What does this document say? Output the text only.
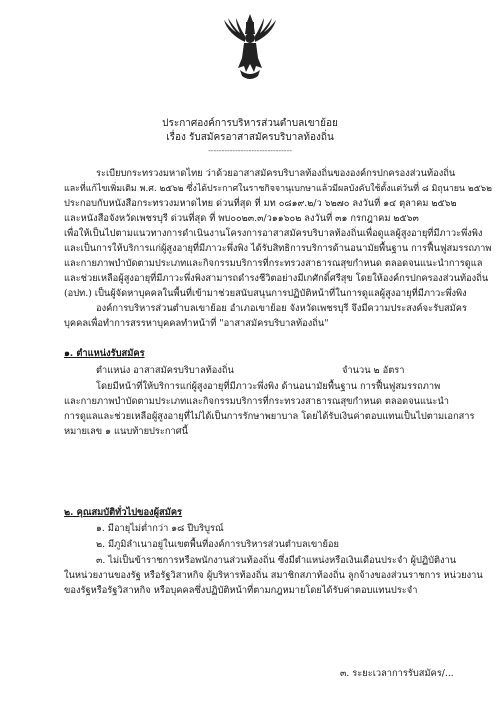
ประกาศองค์การบริหารส่วนตำบลเขาย้อย
เรื่อง รับสมัครอาสาสมัครบริบาลท้องถิ่น
-------------------------------
ระเบียบกระทรวงมหาดไทย ว่าด้วยอาสาสมัครบริบาลท้องถิ่นขององค์กรปกครองส่วนท้องถิ่น
และที่แก้ไขเพิ่มเติม พ.ศ. ๒๕๖๒ ซึ่งได้ประกาศในราชกิจจานุเบกษาแล้วมีผลบังคับใช้ตั้งแต่วันที่ ๘ มิถุนายน ๒๕๖๒
ประกอบกับหนังสือกระทรวงมหาดไทย ด่วนที่สุด ที่ มท ๐๘๑๙.๒/ว ๖๒๗๐ ลงวันที่ ๑๔ ตุลาคม ๒๕๖๒
และหนังสือจังหวัดเพชรบุรี ด่วนที่สุด ที่ พบ๐๐๒๓.๓/ว๑๑๖๐๒ ลงวันที่ ๓๑ กรกฎาคม ๒๕๖๓
เพื่อให้เป็นไปตามแนวทางการดำเนินงานโครงการอาสาสมัครบริบาลท้องถิ่นเพื่อดูแลผู้สูงอายุที่มีภาวะพึ่งพิง
และเป็นการให้บริการแก่ผู้สูงอายุที่มีภาวะพึ่งพิง ได้รับสิทธิการบริการด้านอนามัยพื้นฐาน การฟื้นฟูสมรรถภาพ
และกายภาพบำบัดตามประเภทและกิจกรรมบริการที่กระทรวงสาธารณสุขกำหนด ตลอดจนแนะนำการดูแล
และช่วยเหลือผู้สูงอายุที่มีภาวะพึ่งพิงสามารถดำรงชีวิตอย่างมีเกศักดิ์ศรีสุข โดยให้องค์กรปกครองส่วนท้องถิ่น
(อปท.) เป็นผู้จัดหาบุคคลในพื้นที่เข้ามาช่วยสนับสนุนการปฏิบัติหน้าที่ในการดูแลผู้สูงอายุที่มีภาวะพึ่งพิง
องค์การบริหารส่วนตำบลเขาย้อย อำเภอเขาย้อย จังหวัดเพชรบุรี จึงมีความประสงค์จะรับสมัคร
บุคคลเพื่อทำการสรรหาบุคคลทำหน้าที่ "อาสาสมัครบริบาลท้องถิ่น"
๑. ตำแหน่งรับสมัคร
ตำแหน่ง อาสาสมัครบริบาลท้องถิ่น	จำนวน ๒ อัตรา
โดยมีหน้าที่ให้บริการแก่ผู้สูงอายุที่มีภาวะพึ่งพิง ด้านอนามัยพื้นฐาน การฟื้นฟูสมรรถภาพ
และกายภาพบำบัดตามประเภทและกิจกรรมบริการที่กระทรวงสาธารณสุขกำหนด ตลอดจนแนะนำ
การดูแลและช่วยเหลือผู้สูงอายุที่ไม่ได้เป็นการรักษาพยาบาล โดยได้รับเงินค่าตอบแทนเป็นไปตามเอกสาร
หมายเลข ๑ แนบท้ายประกาศนี้
๒. คุณสมบัติทั่วไปของผู้สมัคร
๑. มีอายุไม่ต่ำกว่า ๑๘ ปีบริบูรณ์
๒. มีภูมิลำเนาอยู่ในเขตพื้นที่องค์การบริหารส่วนตำบลเขาย้อย
๓. ไม่เป็นข้าราชการหรือพนักงานส่วนท้องถิ่น ซึ่งมีตำแหน่งหรือเงินเดือนประจำ ผู้ปฏิบัติงาน
ในหน่วยงานของรัฐ หรือรัฐวิสาหกิจ ผู้บริหารท้องถิ่น สมาชิกสภาท้องถิ่น ลูกจ้างของส่วนราชการ หน่วยงาน
ของรัฐหรือรัฐวิสาหกิจ หรือบุคคลซึ่งปฏิบัติหน้าที่ตามกฎหมายโดยได้รับค่าตอบแทนประจำ
๓. ระยะเวลาการรับสมัคร/...
